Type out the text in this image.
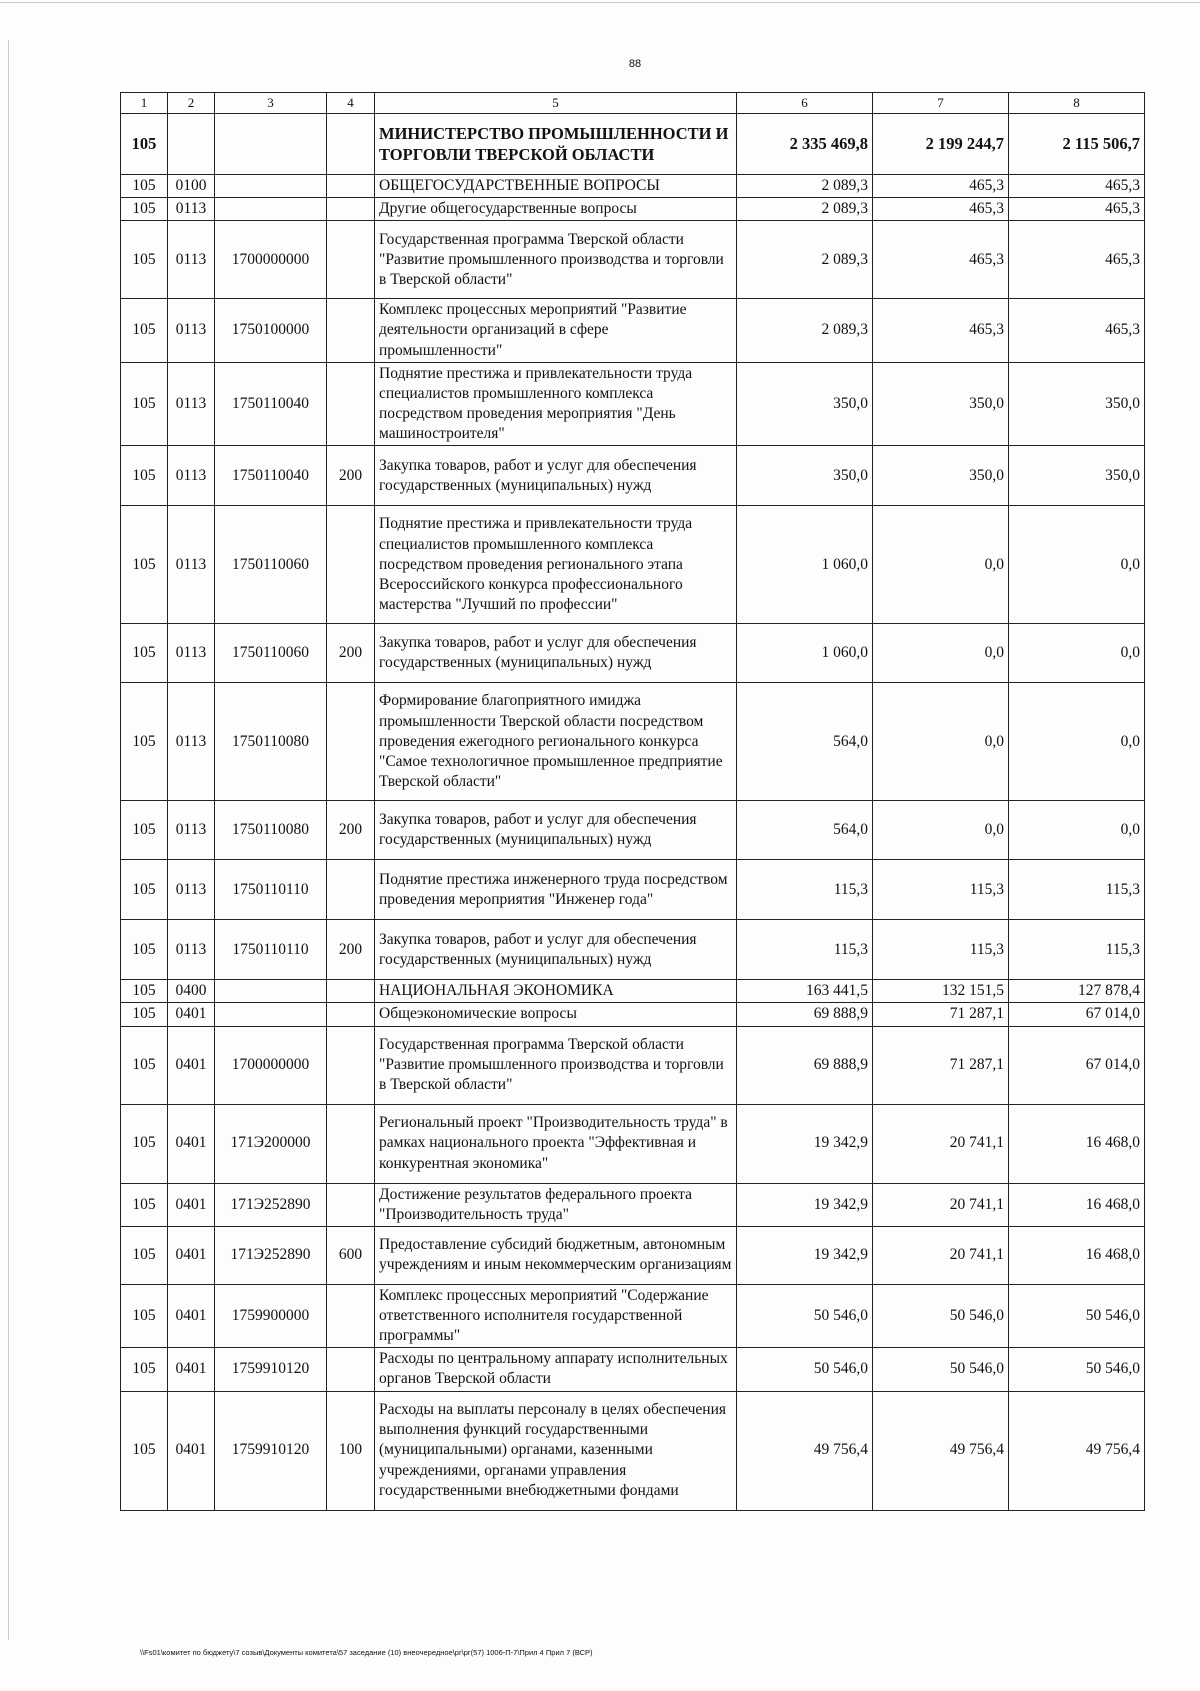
88
1	2	3	4	5	6	7	8
105				МИНИСТЕРСТВО ПРОМЫШЛЕННОСТИ И ТОРГОВЛИ ТВЕРСКОЙ ОБЛАСТИ	2 335 469,8	2 199 244,7	2 115 506,7
105	0100			ОБЩЕГОСУДАРСТВЕННЫЕ ВОПРОСЫ	2 089,3	465,3	465,3
105	0113			Другие общегосударственные вопросы	2 089,3	465,3	465,3
105	0113	1700000000		Государственная программа Тверской области "Развитие промышленного производства и торговли в Тверской области"	2 089,3	465,3	465,3
105	0113	1750100000		Комплекс процессных мероприятий "Развитие деятельности организаций в сфере промышленности"	2 089,3	465,3	465,3
105	0113	1750110040		Поднятие престижа и привлекательности труда специалистов промышленного комплекса посредством проведения мероприятия "День машиностроителя"	350,0	350,0	350,0
105	0113	1750110040	200	Закупка товаров, работ и услуг для обеспечения государственных (муниципальных) нужд	350,0	350,0	350,0
105	0113	1750110060		Поднятие престижа и привлекательности труда специалистов промышленного комплекса посредством проведения регионального этапа Всероссийского конкурса профессионального мастерства "Лучший по профессии"	1 060,0	0,0	0,0
105	0113	1750110060	200	Закупка товаров, работ и услуг для обеспечения государственных (муниципальных) нужд	1 060,0	0,0	0,0
105	0113	1750110080		Формирование благоприятного имиджа промышленности Тверской области посредством проведения ежегодного регионального конкурса "Самое технологичное промышленное предприятие Тверской области"	564,0	0,0	0,0
105	0113	1750110080	200	Закупка товаров, работ и услуг для обеспечения государственных (муниципальных) нужд	564,0	0,0	0,0
105	0113	1750110110		Поднятие престижа инженерного труда посредством проведения мероприятия "Инженер года"	115,3	115,3	115,3
105	0113	1750110110	200	Закупка товаров, работ и услуг для обеспечения государственных (муниципальных) нужд	115,3	115,3	115,3
105	0400			НАЦИОНАЛЬНАЯ ЭКОНОМИКА	163 441,5	132 151,5	127 878,4
105	0401			Общеэкономические вопросы	69 888,9	71 287,1	67 014,0
105	0401	1700000000		Государственная программа Тверской области "Развитие промышленного производства и торговли в Тверской области"	69 888,9	71 287,1	67 014,0
105	0401	171Э200000		Региональный проект "Производительность труда" в рамках национального проекта "Эффективная и конкурентная экономика"	19 342,9	20 741,1	16 468,0
105	0401	171Э252890		Достижение результатов федерального проекта "Производительность труда"	19 342,9	20 741,1	16 468,0
105	0401	171Э252890	600	Предоставление субсидий бюджетным, автономным учреждениям и иным некоммерческим организациям	19 342,9	20 741,1	16 468,0
105	0401	1759900000		Комплекс процессных мероприятий "Содержание ответственного исполнителя государственной программы"	50 546,0	50 546,0	50 546,0
105	0401	1759910120		Расходы по центральному аппарату исполнительных органов Тверской области	50 546,0	50 546,0	50 546,0
105	0401	1759910120	100	Расходы на выплаты персоналу в целях обеспечения выполнения функций государственными (муниципальными) органами, казенными учреждениями, органами управления государственными внебюджетными фондами	49 756,4	49 756,4	49 756,4
\\Fs01\комитет по бюджету\7 созыв\Документы комитета\57 заседание (10) внеочередное\рг\рг(57) 1006-П-7\Прил 4 Прил 7 (ВСР)
